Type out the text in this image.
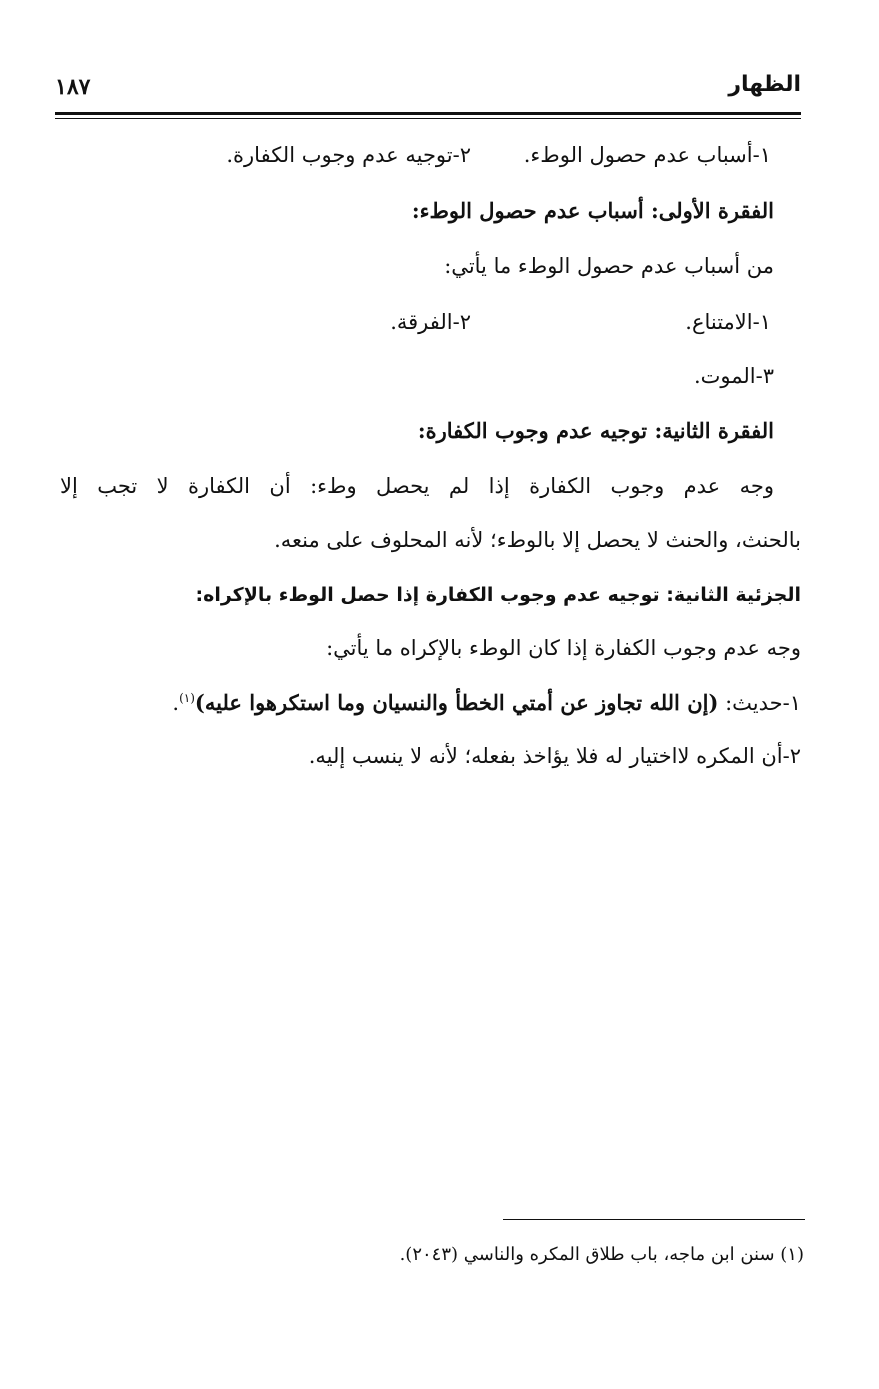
الظهار
١٨٧
١-أسباب عدم حصول الوطء.
٢-توجيه عدم وجوب الكفارة.
الفقرة الأولى: أسباب عدم حصول الوطء:
من أسباب عدم حصول الوطء ما يأتي:
١-الامتناع.
٢-الفرقة.
٣-الموت.
الفقرة الثانية: توجيه عدم وجوب الكفارة:
وجه عدم وجوب الكفارة إذا لم يحصل وطء: أن الكفارة لا تجب إلا
بالحنث، والحنث لا يحصل إلا بالوطء؛ لأنه المحلوف على منعه.
الجزئية الثانية: توجيه عدم وجوب الكفارة إذا حصل الوطء بالإكراه:
وجه عدم وجوب الكفارة إذا كان الوطء بالإكراه ما يأتي:
١-حديث: (إن الله تجاوز عن أمتي الخطأ والنسيان وما استكرهوا عليه)$^{(١)}$.
٢-أن المكره لااختيار له فلا يؤاخذ بفعله؛ لأنه لا ينسب إليه.
(١) سنن ابن ماجه، باب طلاق المكره والناسي (٢٠٤٣).
